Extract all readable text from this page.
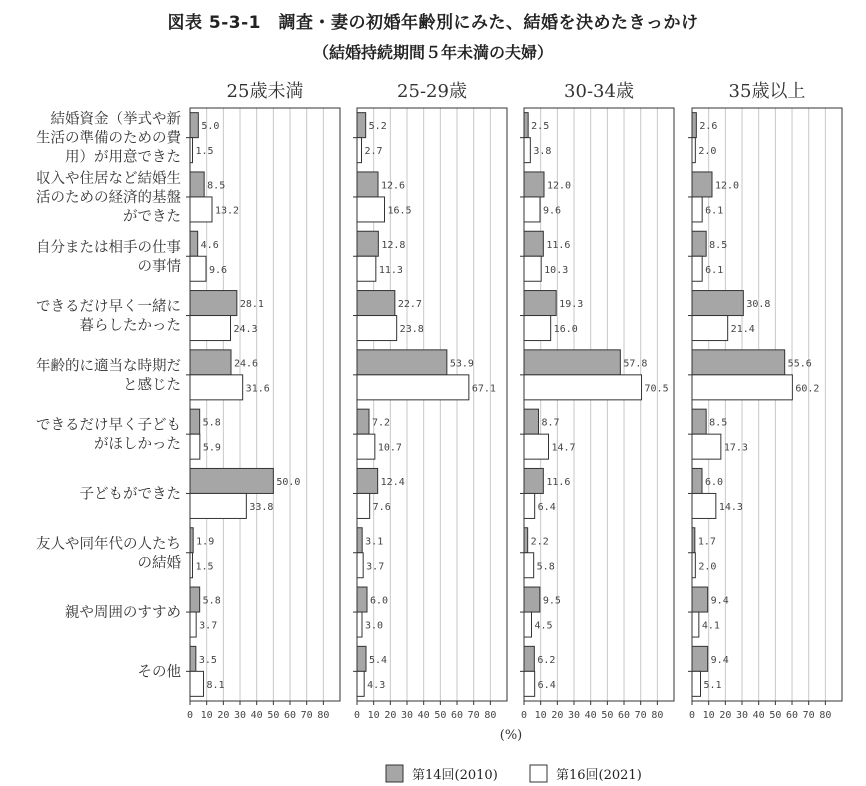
図表 5-3-1　調査・妻の初婚年齢別にみた、結婚を決めたきっかけ
（結婚持続期間５年未満の夫婦）
0 10 20 30 40 50 60 70 80
25歳未満
5.0
1.5
8.5
13.2
4.6
9.6
28.1
24.3
24.6
31.6
5.8
5.9
50.0
33.8
1.9
1.5
5.8
3.7
3.5
8.1
0 10 20 30 40 50 60 70 80
25-29歳
5.2
2.7
12.6
16.5
12.8
11.3
22.7
23.8
53.9
67.1
7.2
10.7
12.4
7.6
3.1
3.7
6.0
3.0
5.4
4.3
0 10 20 30 40 50 60 70 80
30-34歳
2.5
3.8
12.0
9.6
11.6
10.3
19.3
16.0
57.8
70.5
8.7
14.7
11.6
6.4
2.2
5.8
9.5
4.5
6.2
6.4
0 10 20 30 40 50 60 70 80
35歳以上
2.6
2.0
12.0
6.1
8.5
6.1
30.8
21.4
55.6
60.2
8.5
17.3
6.0
14.3
1.7
2.0
9.4
4.1
9.4
5.1
結婚資金（挙式や新
生活の準備のための費
用）が用意できた
収入や住居など結婚生
活のための経済的基盤
ができた
自分または相手の仕事
の事情
できるだけ早く一緒に
暮らしたかった
年齢的に適当な時期だ
と感じた
できるだけ早く子ども
がほしかった
子どもができた
友人や同年代の人たち
の結婚
親や周囲のすすめ
その他
(%)
第14回(2010)	第16回(2021)
